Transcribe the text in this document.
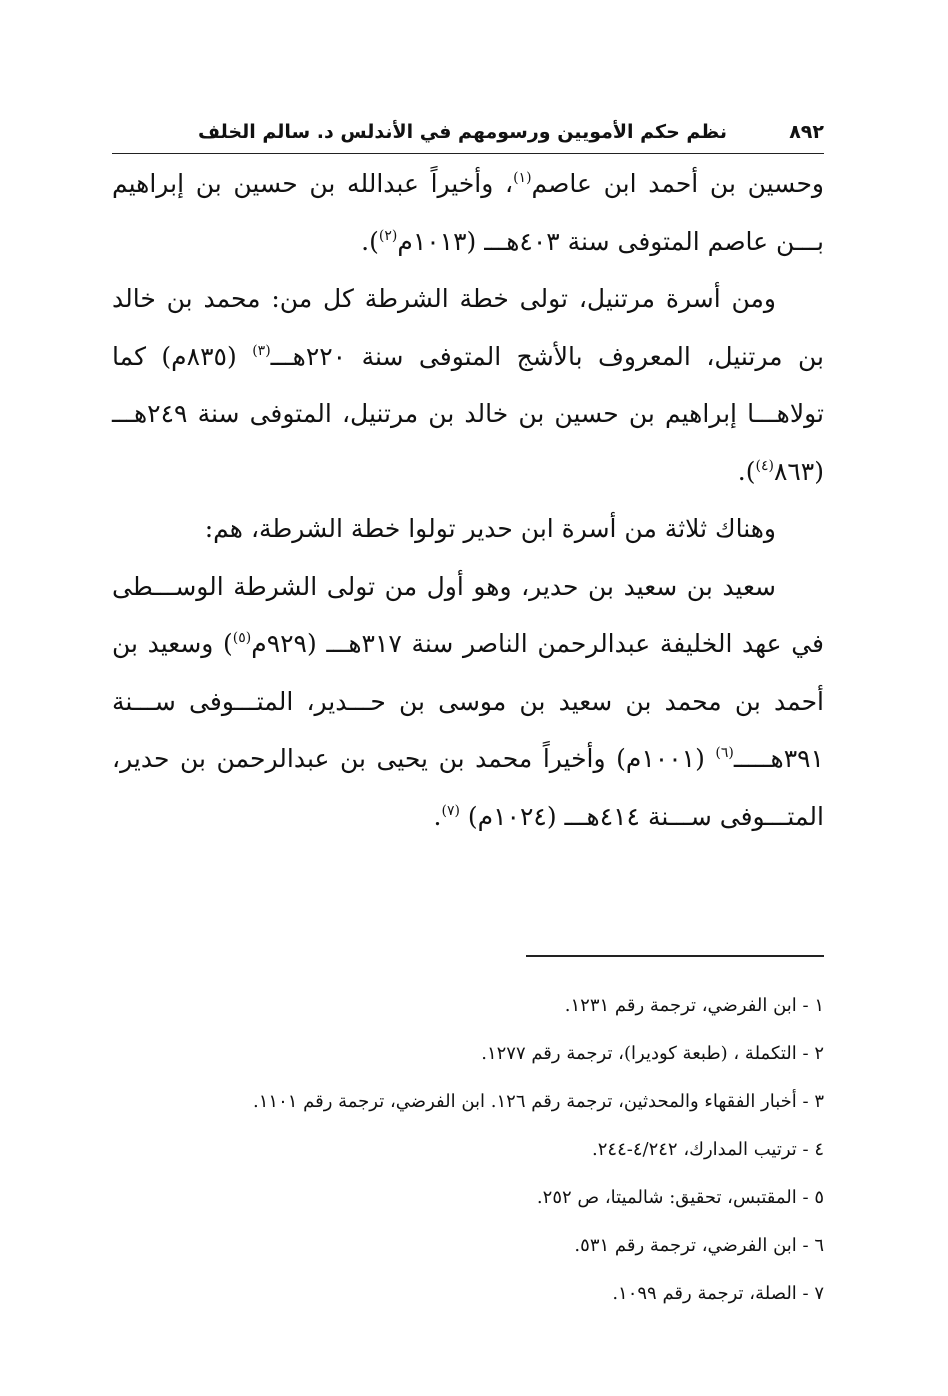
٨٩٢
نظم حكم الأمويين ورسومهم في الأندلس د. سالم الخلف

وحسين بن أحمد ابن عاصم$^{(١)}$، وأخيراً عبدالله بن حسين بن إبراهيم بـــن عاصم المتوفى سنة ٤٠٣هـــ (١٠١٣م$^{(٢)}$).

ومن أسرة مرتنيل، تولى خطة الشرطة كل من: محمد بن خالد بن مرتنيل، المعروف بالأشج المتوفى سنة ٢٢٠هـــ$^{(٣)}$ (٨٣٥م) كما تولاهـــا إبراهيم بن حسين بن خالد بن مرتنيل، المتوفى سنة ٢٤٩هـــ (٨٦٣$^{(٤)}$).

وهناك ثلاثة من أسرة ابن حدير تولوا خطة الشرطة، هم:

سعيد بن سعيد بن حدير، وهو أول من تولى الشرطة الوســـطى في عهد الخليفة عبدالرحمن الناصر سنة ٣١٧هـــ (٩٢٩م$^{(٥)}$) وسعيد بن أحمد بن محمد بن سعيد بن موسى بن حـــدير، المتـــوفى ســـنة ٣٩١هـــــ$^{(٦)}$ (١٠٠١م) وأخيراً محمد بن يحيى بن عبدالرحمن بن حدير، المتـــوفى ســـنة ٤١٤هـــ (١٠٢٤م) $^{(٧)}$.

١ - ابن الفرضي، ترجمة رقم ١٢٣١.
٢ - التكملة ، (طبعة كوديرا)، ترجمة رقم ١٢٧٧.
٣ - أخبار الفقهاء والمحدثين، ترجمة رقم ١٢٦. ابن الفرضي، ترجمة رقم ١١٠١.
٤ - ترتيب المدارك، ٤/٢٤٢-٢٤٤.
٥ - المقتبس، تحقيق: شالميتا، ص ٢٥٢.
٦ - ابن الفرضي، ترجمة رقم ٥٣١.
٧ - الصلة، ترجمة رقم ١٠٩٩.
